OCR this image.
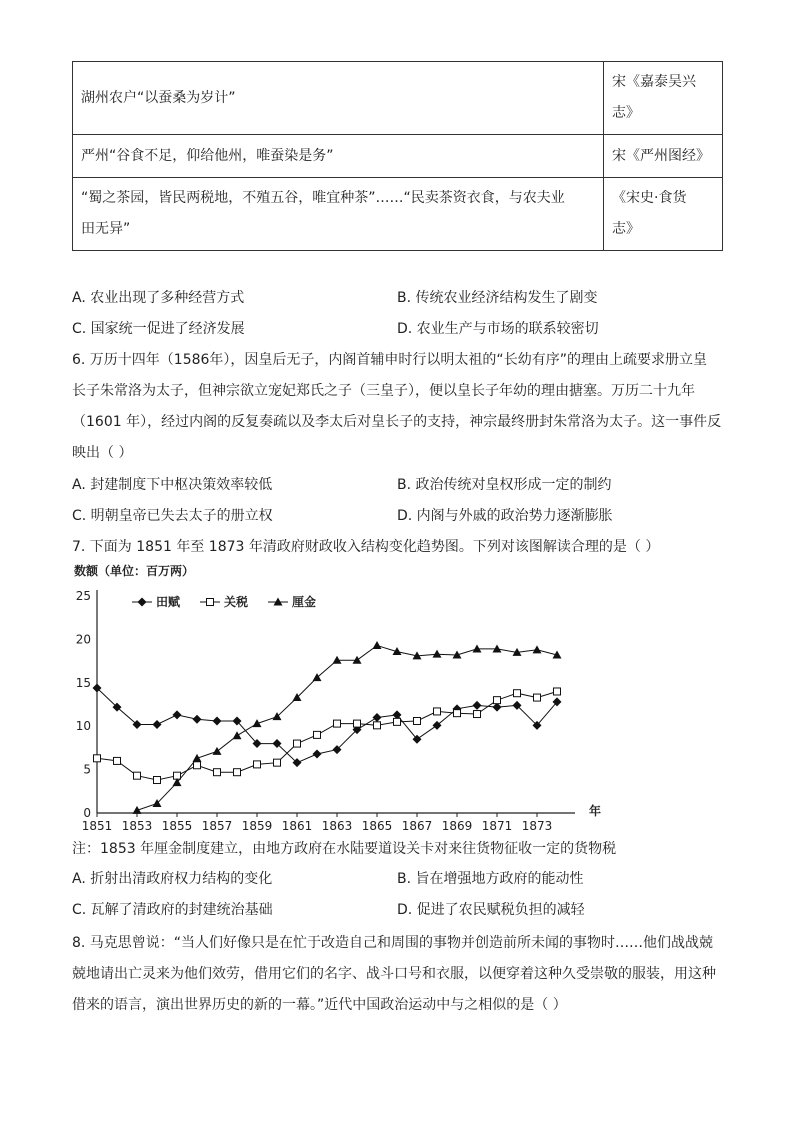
湖州农户“以蚕桑为岁计”	宋《嘉泰吴兴
志》
严州“谷食不足，仰给他州，唯蚕染是务”	宋《严州图经》
“蜀之茶园，皆民两税地，不殖五谷，唯宜种茶”……“民卖茶资衣食，与农夫业
田无异”	《宋史·食货
志》
A. 农业出现了多种经营方式	B. 传统农业经济结构发生了剧变
C. 国家统一促进了经济发展	D. 农业生产与市场的联系较密切
6. 万历十四年（1586年），因皇后无子，内阁首辅申时行以明太祖的“长幼有序”的理由上疏要求册立皇
长子朱常洛为太子，但神宗欲立宠妃郑氏之子（三皇子），便以皇长子年幼的理由搪塞。万历二十九年
（1601 年），经过内阁的反复奏疏以及李太后对皇长子的支持，神宗最终册封朱常洛为太子。这一事件反
映出（ ）
A. 封建制度下中枢决策效率较低	B. 政治传统对皇权形成一定的制约
C. 明朝皇帝已失去太子的册立权	D. 内阁与外戚的政治势力逐渐膨胀
7. 下面为 1851 年至 1873 年清政府财政收入结构变化趋势图。下列对该图解读合理的是（ ）
数额（单位：百万两）
25
20
15
10
5
0
1851 1853 1855 1857 1859 1861 1863 1865 1867 1869 1871 1873
年
田赋	关税	厘金
注：1853 年厘金制度建立，由地方政府在水陆要道设关卡对来往货物征收一定的货物税
A. 折射出清政府权力结构的变化	B. 旨在增强地方政府的能动性
C. 瓦解了清政府的封建统治基础	D. 促进了农民赋税负担的减轻
8. 马克思曾说：“当人们好像只是在忙于改造自己和周围的事物并创造前所未闻的事物时……他们战战兢
兢地请出亡灵来为他们效劳，借用它们的名字、战斗口号和衣服，以便穿着这种久受崇敬的服装，用这种
借来的语言，演出世界历史的新的一幕。”近代中国政治运动中与之相似的是（ ）
